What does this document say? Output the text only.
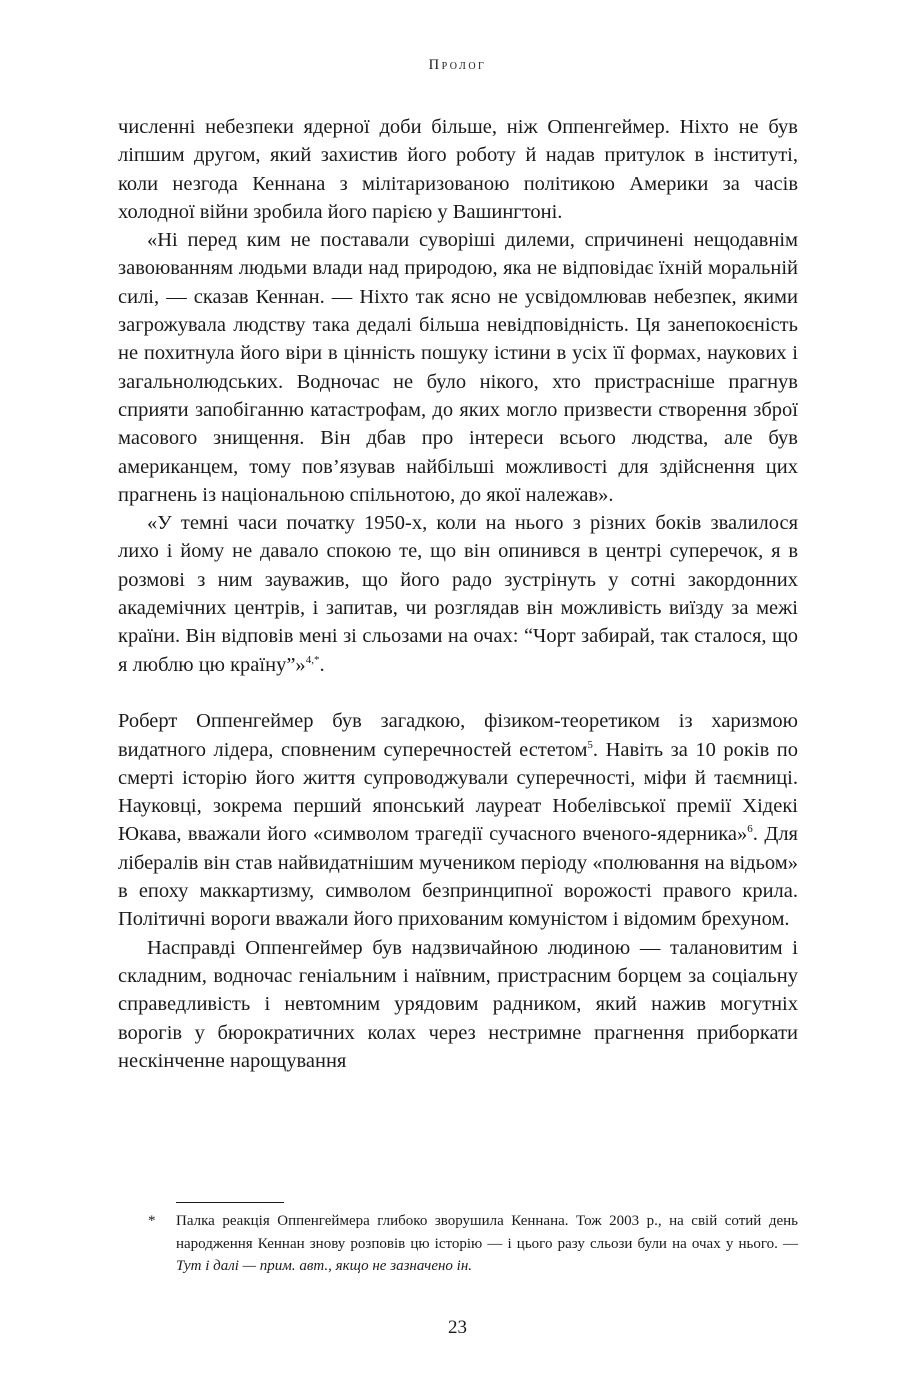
Пролог

численні небезпеки ядерної доби більше, ніж Оппенгеймер. Ніхто не був ліпшим другом, який захистив його роботу й надав притулок в інституті, коли незгода Кеннана з мілітаризованою політикою Америки за часів холодної війни зробила його парією у Вашингтоні.

«Ні перед ким не поставали суворіші дилеми, спричинені нещодавнім завоюванням людьми влади над природою, яка не відповідає їхній моральній силі, — сказав Кеннан. — Ніхто так ясно не усвідомлював небезпек, якими загрожувала людству така дедалі більша невідповідність. Ця занепокоєність не похитнула його віри в цінність пошуку істини в усіх її формах, наукових і загальнолюдських. Водночас не було нікого, хто пристрасніше прагнув сприяти запобіганню катастрофам, до яких могло призвести створення зброї масового знищення. Він дбав про інтереси всього людства, але був американцем, тому пов’язував найбільші можливості для здійснення цих прагнень із національною спільнотою, до якої належав».

«У темні часи початку 1950-х, коли на нього з різних боків звалилося лихо і йому не давало спокою те, що він опинився в центрі суперечок, я в розмові з ним зауважив, що його радо зустрінуть у сотні закордонних академічних центрів, і запитав, чи розглядав він можливість виїзду за межі країни. Він відповів мені зі сльозами на очах: “Чорт забирай, так сталося, що я люблю цю країну”»$^{4,*}$.

Роберт Оппенгеймер був загадкою, фізиком-теоретиком із харизмою видатного лідера, сповненим суперечностей естетом$^5$. Навіть за 10 років по смерті історію його життя супроводжували суперечності, міфи й таємниці. Науковці, зокрема перший японський лауреат Нобелівської премії Хідекі Юкава, вважали його «символом трагедії сучасного вченого-ядерника»$^6$. Для лібералів він став найвидатнішим мучеником періоду «полювання на відьом» в епоху маккартизму, символом безпринципної ворожості правого крила. Політичні вороги вважали його прихованим комуністом і відомим брехуном.

Насправді Оппенгеймер був надзвичайною людиною — талановитим і складним, водночас геніальним і наївним, пристрасним борцем за соціальну справедливість і невтомним урядовим радником, який нажив могутніх ворогів у бюрократичних колах через нестримне прагнення приборкати нескінченне нарощування

* Палка реакція Оппенгеймера глибоко зворушила Кеннана. Тож 2003 р., на свій сотий день народження Кеннан знову розповів цю історію — і цього разу сльози були на очах у нього. — Тут і далі — прим. авт., якщо не зазначено ін.
23
